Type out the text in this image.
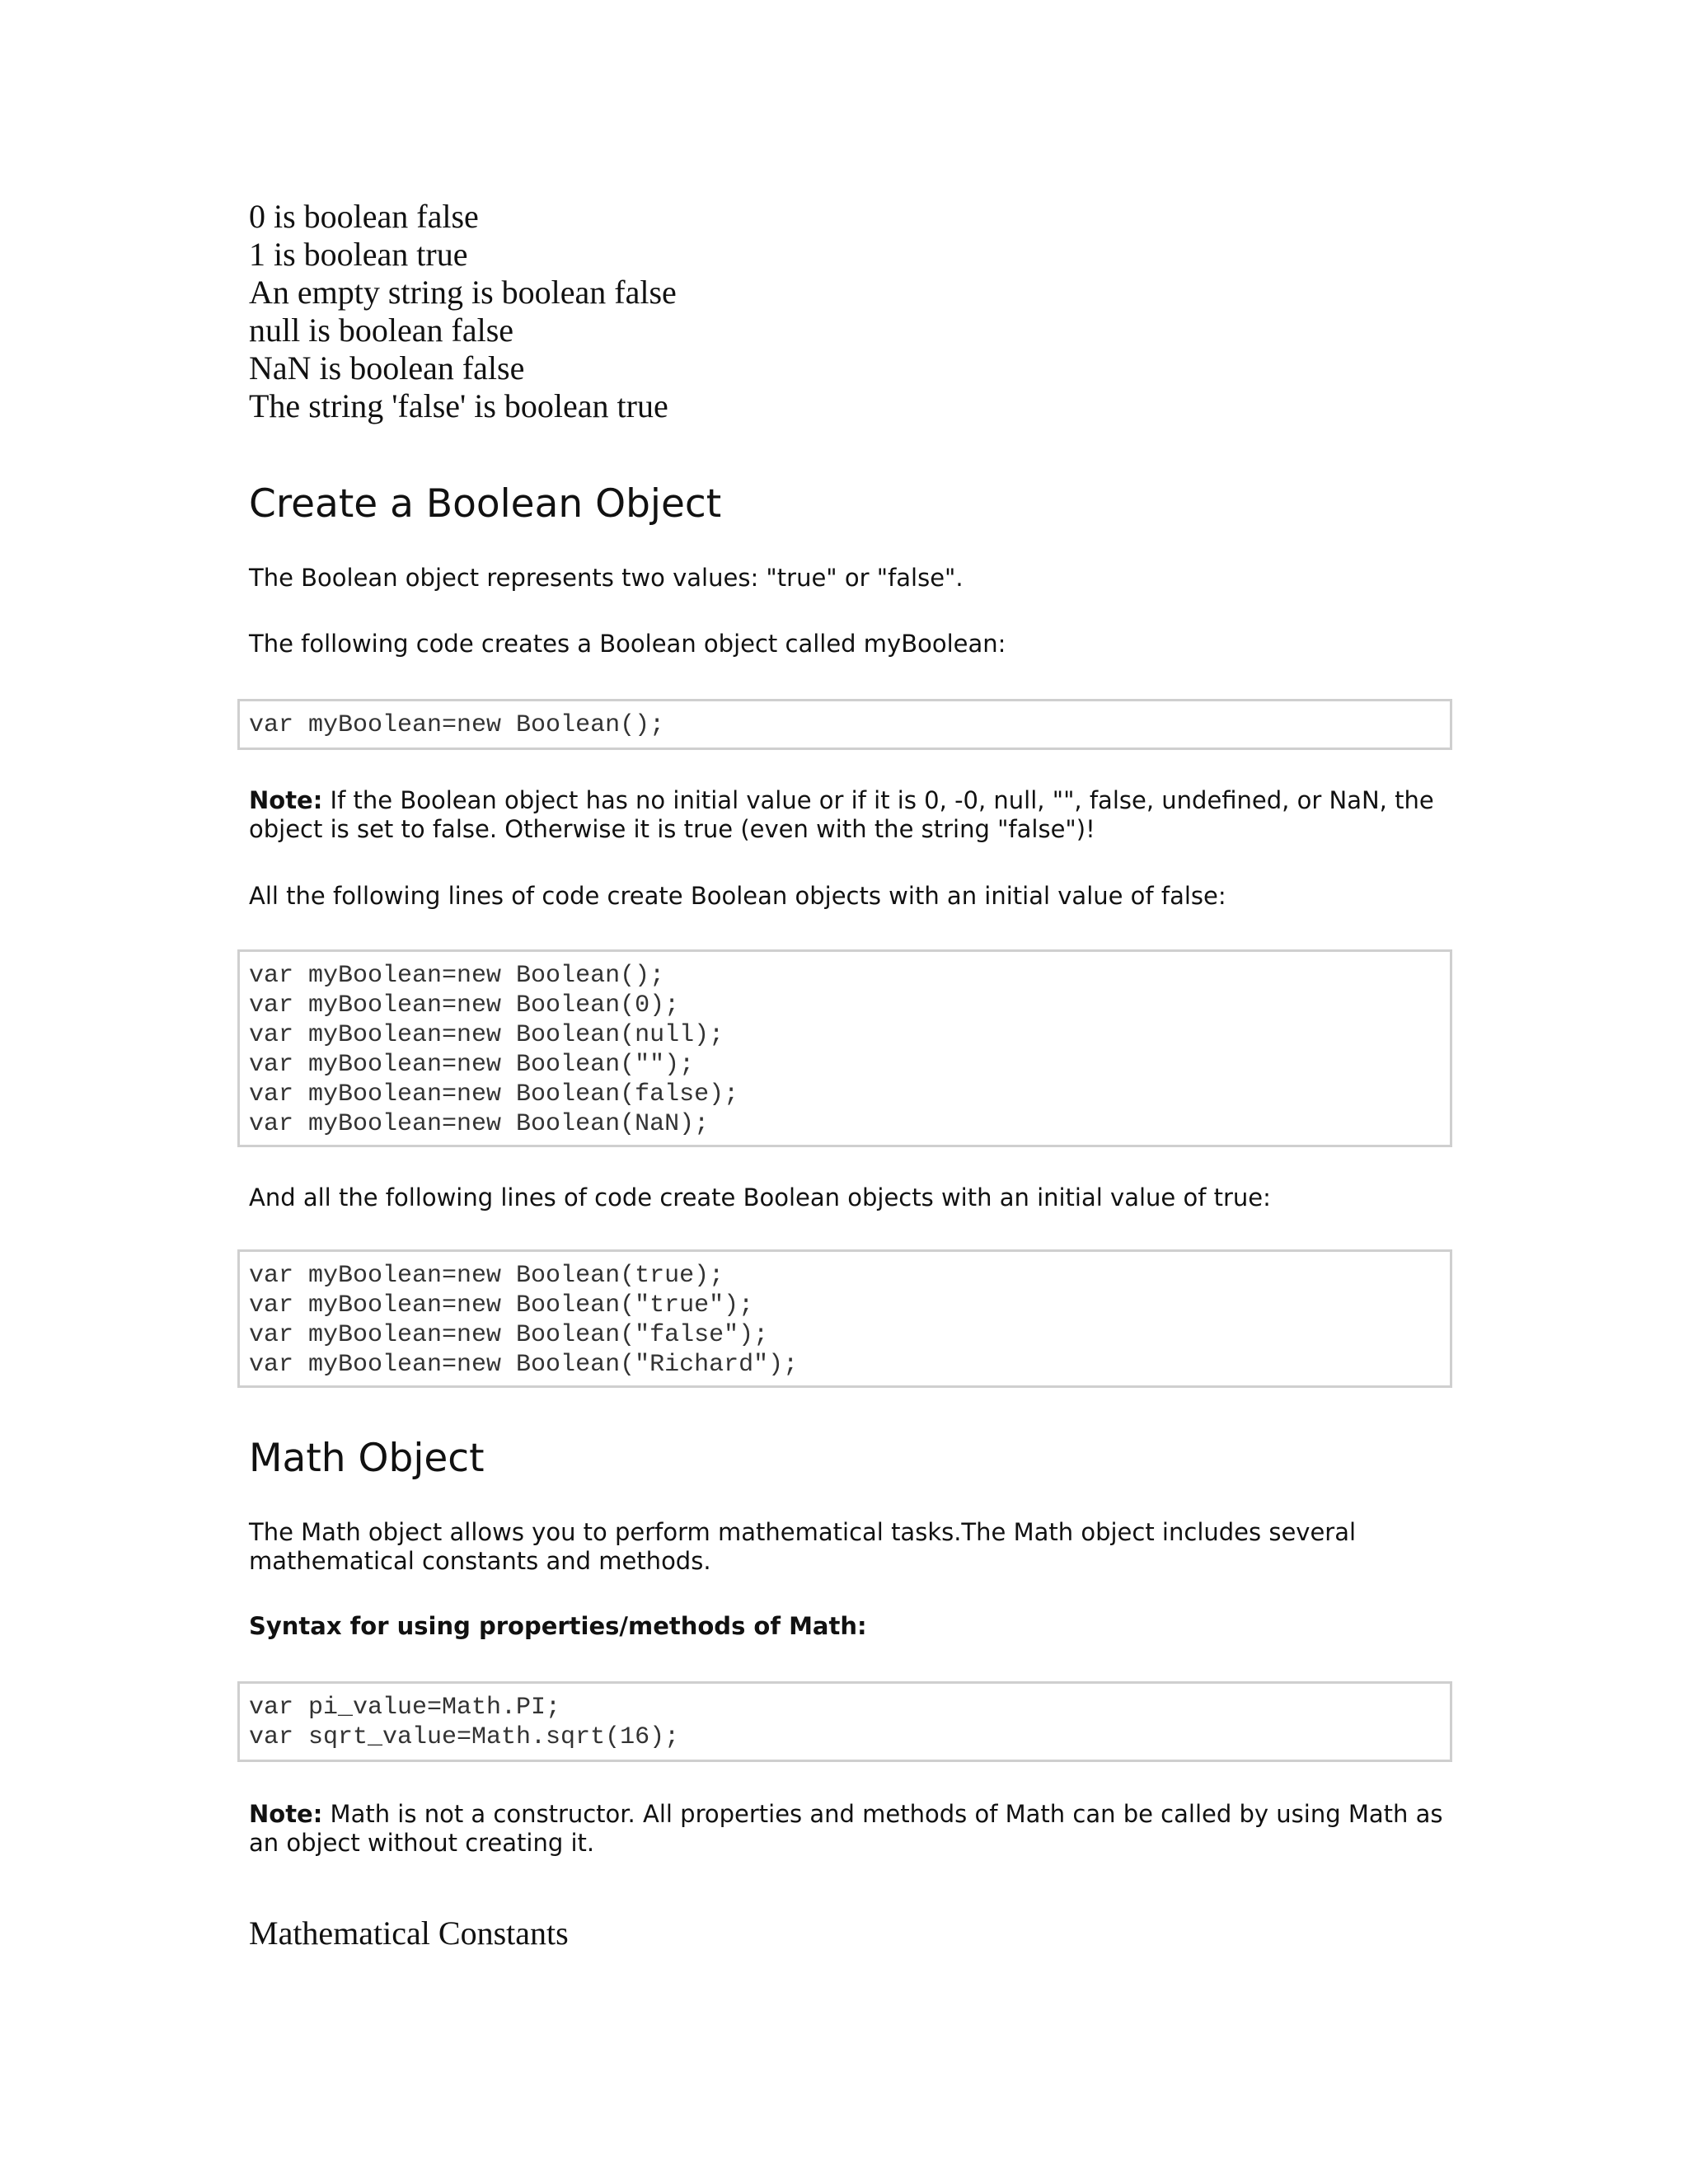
0 is boolean false
1 is boolean true
An empty string is boolean false
null is boolean false
NaN is boolean false
The string 'false' is boolean true
Create a Boolean Object

The Boolean object represents two values: "true" or "false".

The following code creates a Boolean object called myBoolean:

var myBoolean=new Boolean();

Note: If the Boolean object has no initial value or if it is 0, -0, null, "", false, undefined, or NaN, the object is set to false. Otherwise it is true (even with the string "false")!

All the following lines of code create Boolean objects with an initial value of false:

var myBoolean=new Boolean();
var myBoolean=new Boolean(0);
var myBoolean=new Boolean(null);
var myBoolean=new Boolean("");
var myBoolean=new Boolean(false);
var myBoolean=new Boolean(NaN);

And all the following lines of code create Boolean objects with an initial value of true:

var myBoolean=new Boolean(true);
var myBoolean=new Boolean("true");
var myBoolean=new Boolean("false");
var myBoolean=new Boolean("Richard");
Math Object

The Math object allows you to perform mathematical tasks.The Math object includes several mathematical constants and methods.

Syntax for using properties/methods of Math:

var pi_value=Math.PI;
var sqrt_value=Math.sqrt(16);

Note: Math is not a constructor. All properties and methods of Math can be called by using Math as an object without creating it.

Mathematical Constants
